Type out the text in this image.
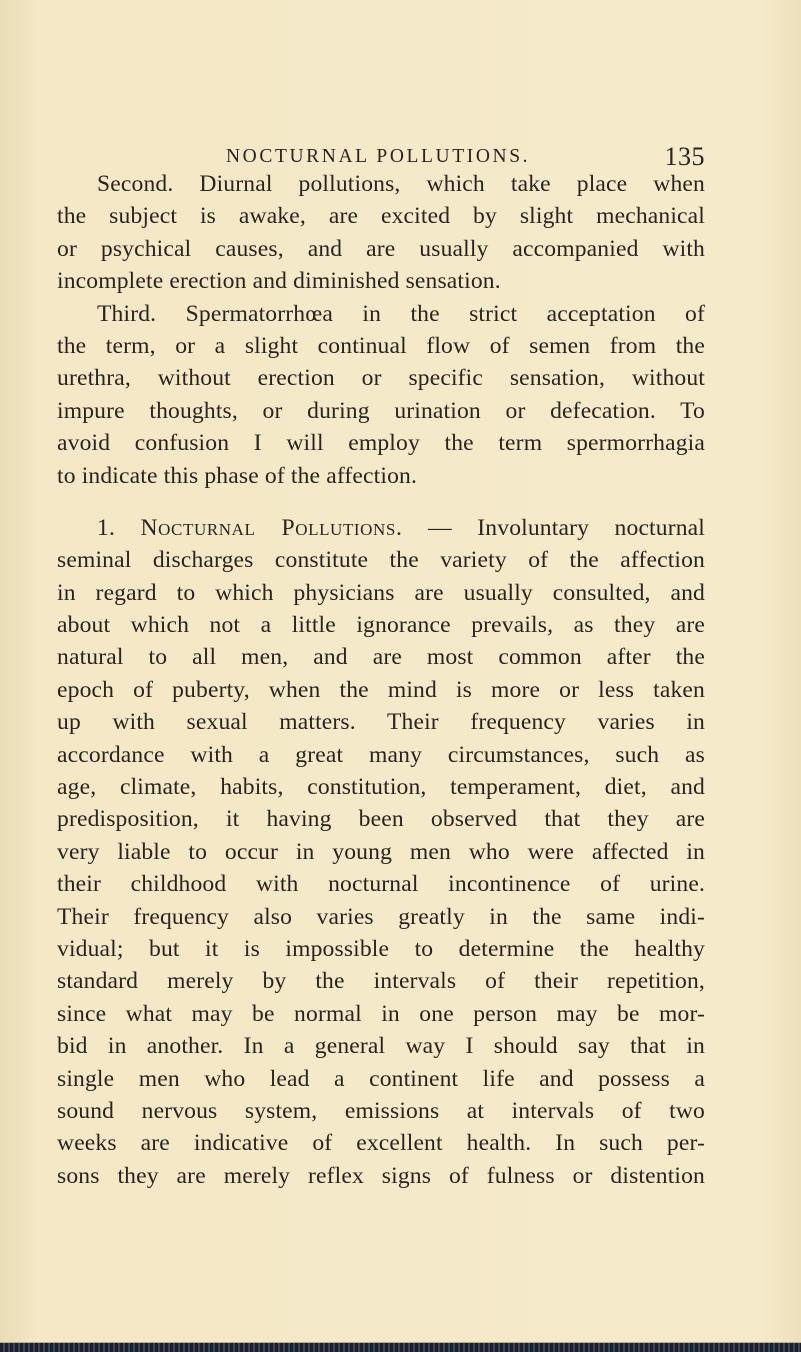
NOCTURNAL POLLUTIONS.	135
Second. Diurnal pollutions, which take place when
the subject is awake, are excited by slight mechanical
or psychical causes, and are usually accompanied with
incomplete erection and diminished sensation.
Third. Spermatorrhœa in the strict acceptation of
the term, or a slight continual flow of semen from the
urethra, without erection or specific sensation, without
impure thoughts, or during urination or defecation. To
avoid confusion I will employ the term spermorrhagia
to indicate this phase of the affection.
1. Nocturnal Pollutions. — Involuntary nocturnal
seminal discharges constitute the variety of the affection
in regard to which physicians are usually consulted, and
about which not a little ignorance prevails, as they are
natural to all men, and are most common after the
epoch of puberty, when the mind is more or less taken
up with sexual matters. Their frequency varies in
accordance with a great many circumstances, such as
age, climate, habits, constitution, temperament, diet, and
predisposition, it having been observed that they are
very liable to occur in young men who were affected in
their childhood with nocturnal incontinence of urine.
Their frequency also varies greatly in the same indi-
vidual; but it is impossible to determine the healthy
standard merely by the intervals of their repetition,
since what may be normal in one person may be mor-
bid in another. In a general way I should say that in
single men who lead a continent life and possess a
sound nervous system, emissions at intervals of two
weeks are indicative of excellent health. In such per-
sons they are merely reflex signs of fulness or distention
